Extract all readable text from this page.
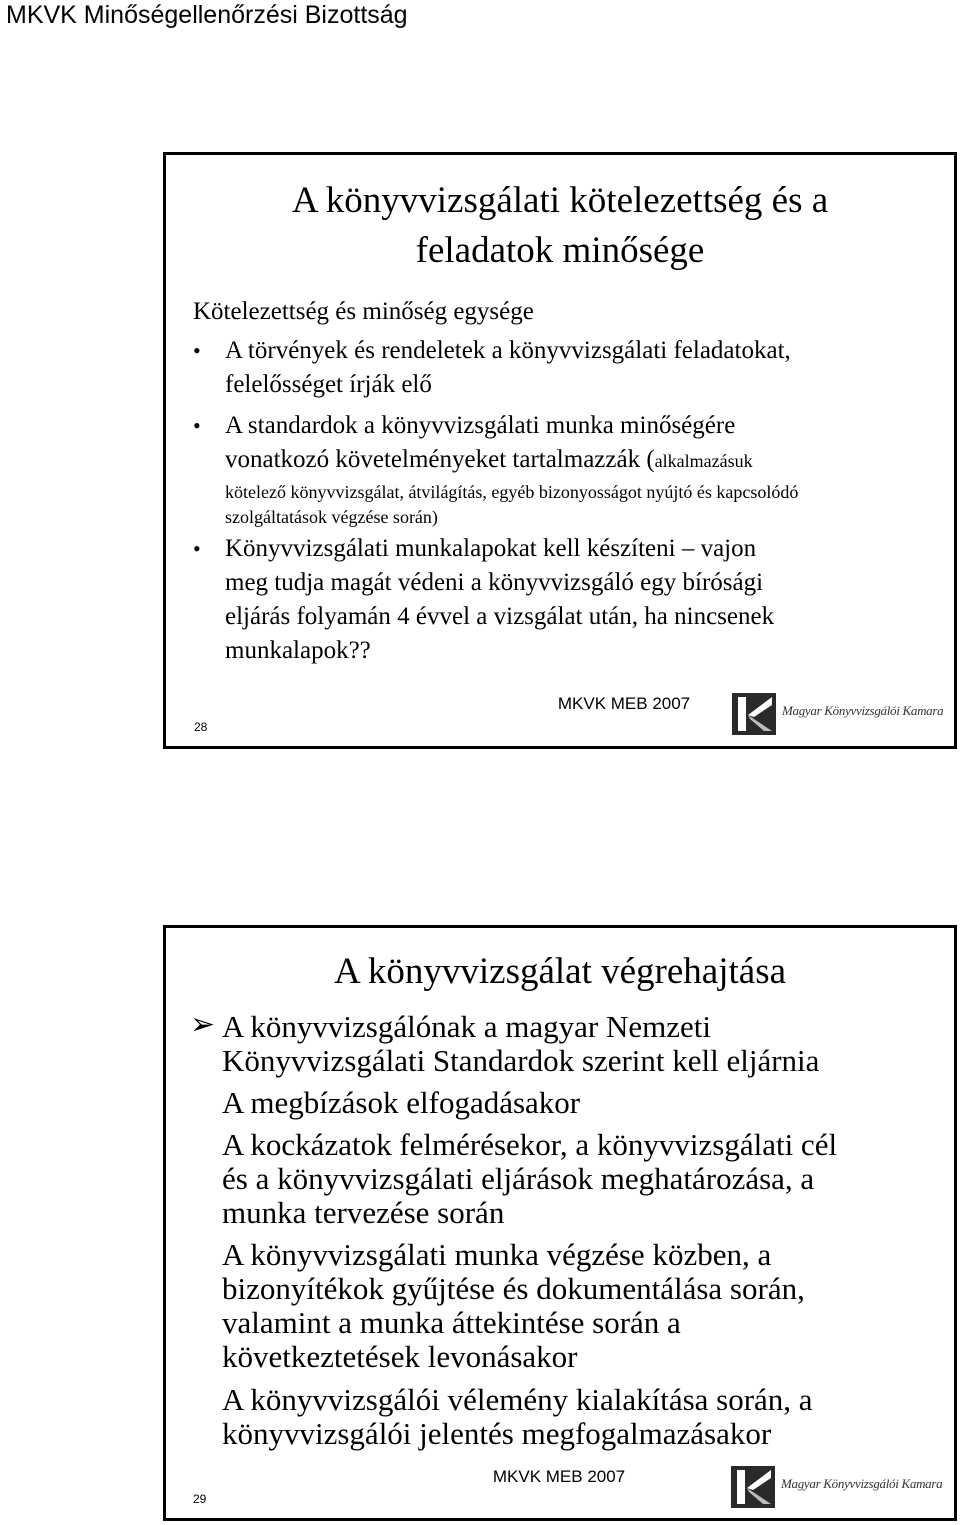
MKVK Minőségellenőrzési Bizottság
A könyvvizsgálati kötelezettség és a
feladatok minősége
Kötelezettség és minőség egysége
• A törvények és rendeletek a könyvvizsgálati feladatokat,
felelősséget írják elő
• A standardok a könyvvizsgálati munka minőségére
vonatkozó követelményeket tartalmazzák (alkalmazásuk
kötelező könyvvizsgálat, átvilágítás, egyéb bizonyosságot nyújtó és kapcsolódó
szolgáltatások végzése során)
• Könyvvizsgálati munkalapokat kell készíteni – vajon
meg tudja magát védeni a könyvvizsgáló egy bírósági
eljárás folyamán 4 évvel a vizsgálat után, ha nincsenek
munkalapok??
MKVK MEB 2007
28
Magyar Könyvvizsgálói Kamara
A könyvvizsgálat végrehajtása
➢ A könyvvizsgálónak a magyar Nemzeti
Könyvvizsgálati Standardok szerint kell eljárnia
A megbízások elfogadásakor
A kockázatok felmérésekor, a könyvvizsgálati cél
és a könyvvizsgálati eljárások meghatározása, a
munka tervezése során
A könyvvizsgálati munka végzése közben, a
bizonyítékok gyűjtése és dokumentálása során,
valamint a munka áttekintése során a
következtetések levonásakor
A könyvvizsgálói vélemény kialakítása során, a
könyvvizsgálói jelentés megfogalmazásakor
MKVK MEB 2007
29
Magyar Könyvvizsgálói Kamara
